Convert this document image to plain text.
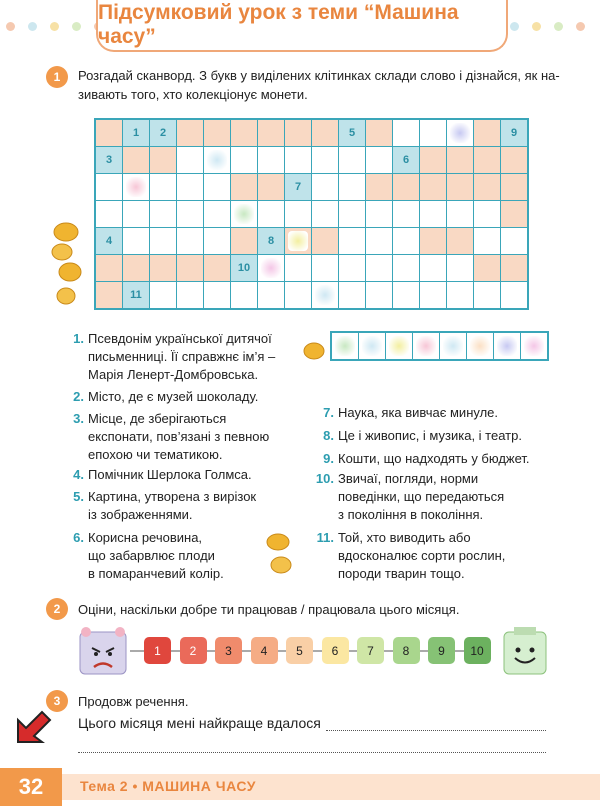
Підсумковий урок з теми “Машина часу”
1	Розгадай сканворд. З букв у виділених клітинках склади слово і дізнайся, як на-
зивають того, хто колекціонує монети.
1 2	5	9
3	6
7
4	8
10
11
1. Псевдонім української дитячої
письменниці. Її справжнє ім’я –
Марія Ленерт-Домбровська.
2. Місто, де є музей шоколаду.
3. Місце, де зберігаються
експонати, пов’язані з певною
епохою чи тематикою.
4. Помічник Шерлока Голмса.
5. Картина, утворена з вирізок
із зображеннями.
6. Корисна речовина,
що забарвлює плоди
в помаранчевий колір.
7. Наука, яка вивчає минуле.
8. Це і живопис, і музика, і театр.
9. Кошти, що надходять у бюджет.
10. Звичаї, погляди, норми
поведінки, що передаються
з покоління в покоління.
11. Той, хто виводить або
вдосконалює сорти рослин,
породи тварин тощо.
2	Оціни, наскільки добре ти працював / працювала цього місяця.
1	2	3	4	5	6	7	8	9	10
3	Продовж речення.
Цього місяця мені найкраще вдалося
32	Тема 2 • МАШИНА ЧАСУ
